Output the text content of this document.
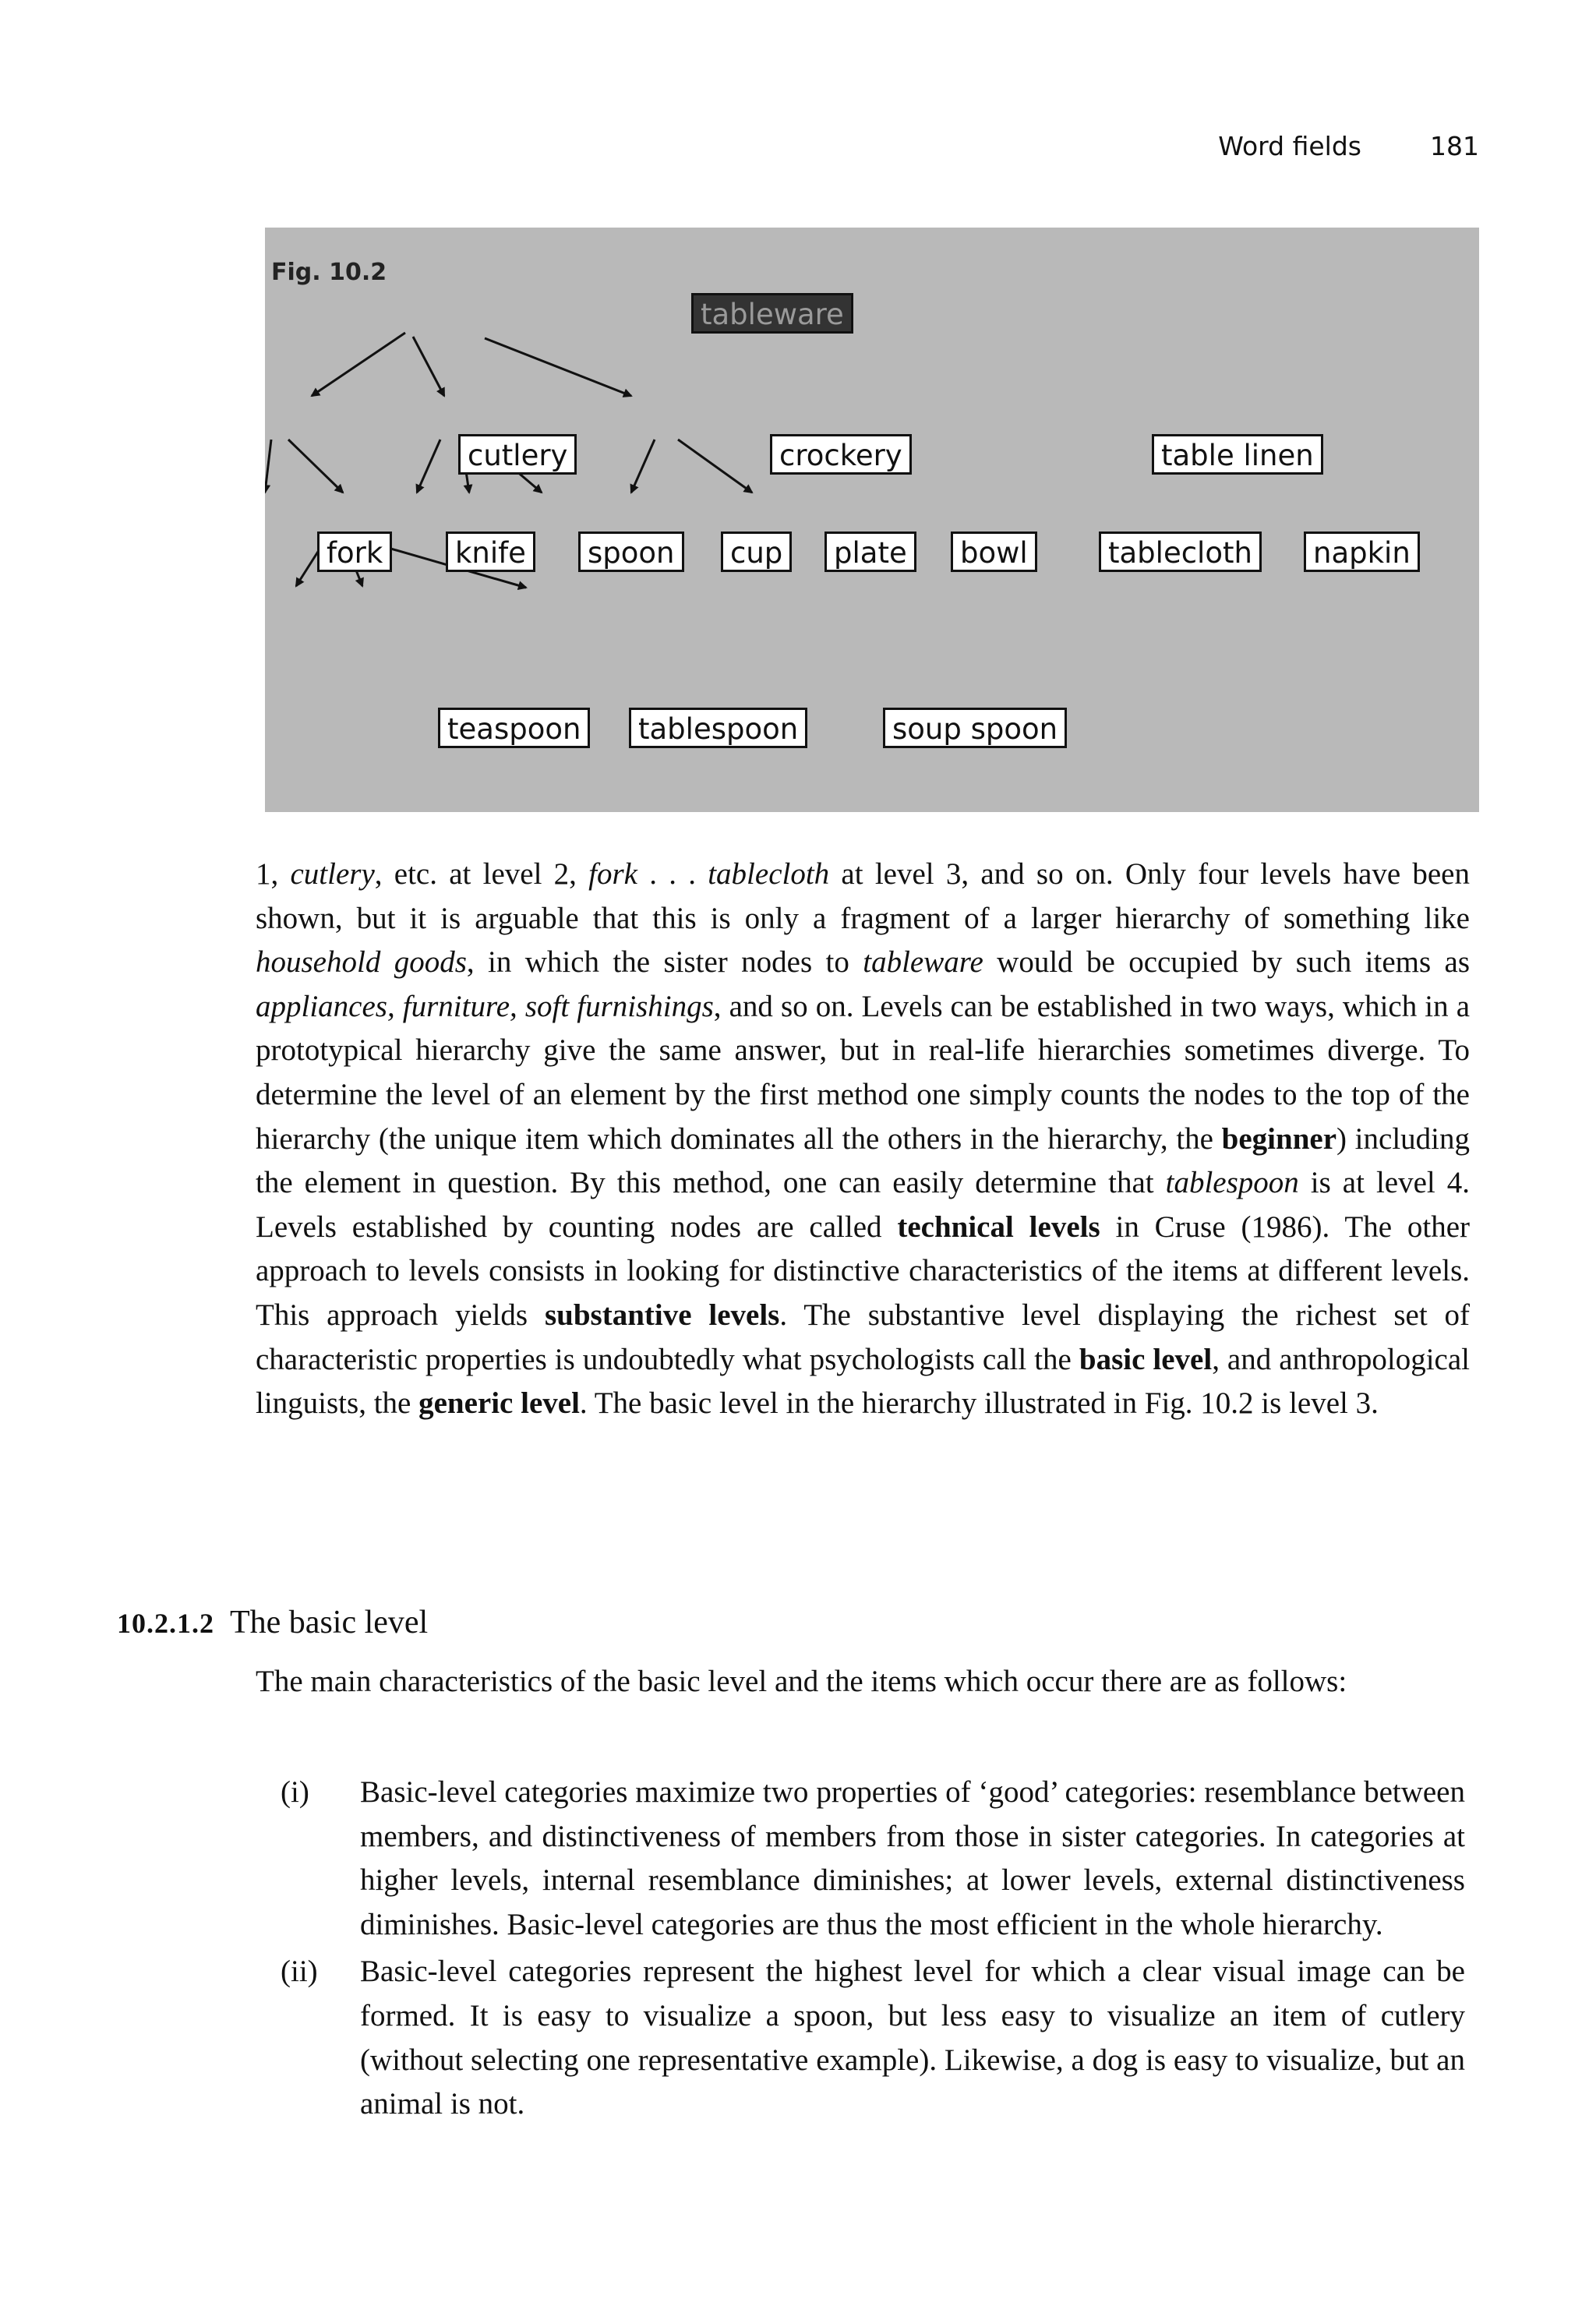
Word fields	181
Fig. 10.2
tableware
cutlery	crockery	table linen
fork	knife	spoon	cup	plate	bowl	tablecloth	napkin
teaspoon	tablespoon	soup spoon

1, cutlery, etc. at level 2, fork . . . tablecloth at level 3, and so on. Only four levels have been shown, but it is arguable that this is only a fragment of a larger hierarchy of something like household goods, in which the sister nodes to tableware would be occupied by such items as appliances, furniture, soft furnishings, and so on. Levels can be established in two ways, which in a prototypical hierarchy give the same answer, but in real-life hierarchies sometimes diverge. To determine the level of an element by the first method one simply counts the nodes to the top of the hierarchy (the unique item which dominates all the others in the hierarchy, the beginner) including the element in question. By this method, one can easily determine that tablespoon is at level 4. Levels established by counting nodes are called technical levels in Cruse (1986). The other approach to levels consists in looking for distinctive characteristics of the items at different levels. This approach yields substantive levels. The substantive level displaying the richest set of characteristic properties is undoubtedly what psychologists call the basic level, and anthropological linguists, the generic level. The basic level in the hierarchy illustrated in Fig. 10.2 is level 3.

10.2.1.2 The basic level

The main characteristics of the basic level and the items which occur there are as follows:

(i) Basic-level categories maximize two properties of ‘good’ categories: resemblance between members, and distinctiveness of members from those in sister categories. In categories at higher levels, internal resemblance diminishes; at lower levels, external distinctiveness diminishes. Basic-level categories are thus the most efficient in the whole hierarchy.
(ii) Basic-level categories represent the highest level for which a clear visual image can be formed. It is easy to visualize a spoon, but less easy to visualize an item of cutlery (without selecting one representative example). Likewise, a dog is easy to visualize, but an animal is not.
